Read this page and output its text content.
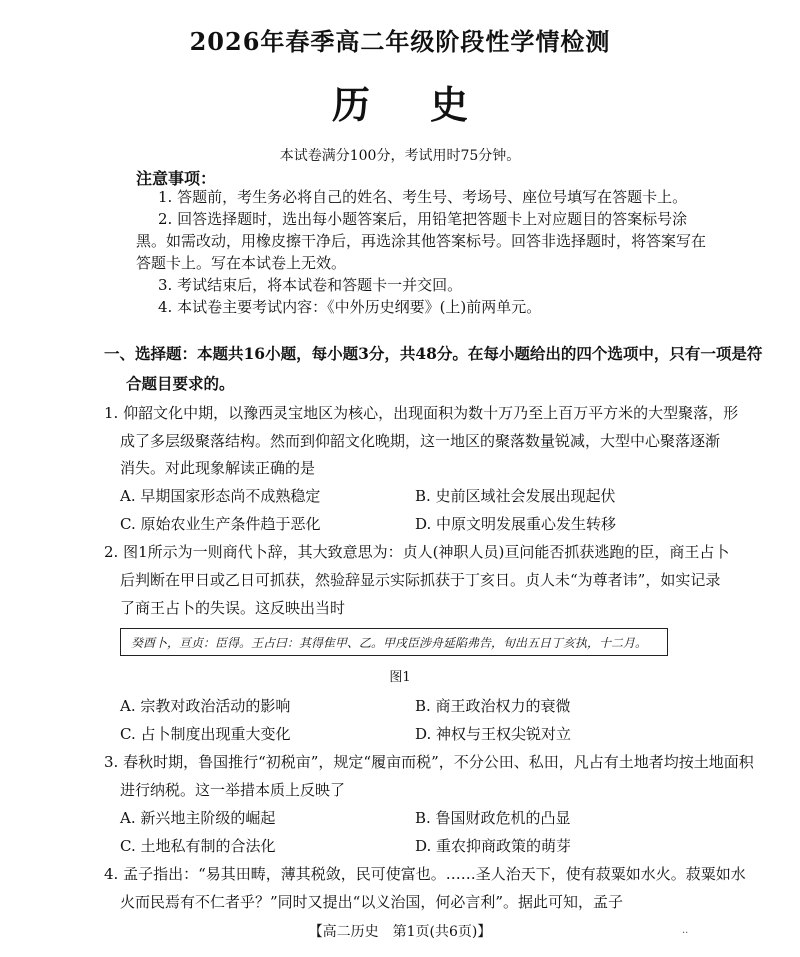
2026年春季高二年级阶段性学情检测
历史
本试卷满分100分，考试用时75分钟。
注意事项：
1. 答题前，考生务必将自己的姓名、考生号、考场号、座位号填写在答题卡上。
2. 回答选择题时，选出每小题答案后，用铅笔把答题卡上对应题目的答案标号涂
黑。如需改动，用橡皮擦干净后，再选涂其他答案标号。回答非选择题时，将答案写在
答题卡上。写在本试卷上无效。
3. 考试结束后，将本试卷和答题卡一并交回。
4. 本试卷主要考试内容：《中外历史纲要》(上)前两单元。
一、选择题：本题共16小题，每小题3分，共48分。在每小题给出的四个选项中，只有一项是符
合题目要求的。
1. 仰韶文化中期，以豫西灵宝地区为核心，出现面积为数十万乃至上百万平方米的大型聚落，形
成了多层级聚落结构。然而到仰韶文化晚期，这一地区的聚落数量锐减，大型中心聚落逐渐
消失。对此现象解读正确的是
A. 早期国家形态尚不成熟稳定	B. 史前区域社会发展出现起伏
C. 原始农业生产条件趋于恶化	D. 中原文明发展重心发生转移
2. 图1所示为一则商代卜辞，其大致意思为：贞人(神职人员)亘问能否抓获逃跑的臣，商王占卜
后判断在甲日或乙日可抓获，然验辞显示实际抓获于丁亥日。贞人未“为尊者讳”，如实记录
了商王占卜的失误。这反映出当时
癸酉卜，亘贞：臣得。王占曰：其得隹甲、乙。甲戌臣涉舟延陷弗告，旬出五日丁亥执，十二月。
图1
A. 宗教对政治活动的影响	B. 商王政治权力的衰微
C. 占卜制度出现重大变化	D. 神权与王权尖锐对立
3. 春秋时期，鲁国推行“初税亩”，规定“履亩而税”，不分公田、私田，凡占有土地者均按土地面积
进行纳税。这一举措本质上反映了
A. 新兴地主阶级的崛起	B. 鲁国财政危机的凸显
C. 土地私有制的合法化	D. 重农抑商政策的萌芽
4. 孟子指出：“易其田畴，薄其税敛，民可使富也。……圣人治天下，使有菽粟如水火。菽粟如水
火而民焉有不仁者乎？”同时又提出“以义治国，何必言利”。据此可知，孟子
【高二历史　第1页(共6页)】	··
